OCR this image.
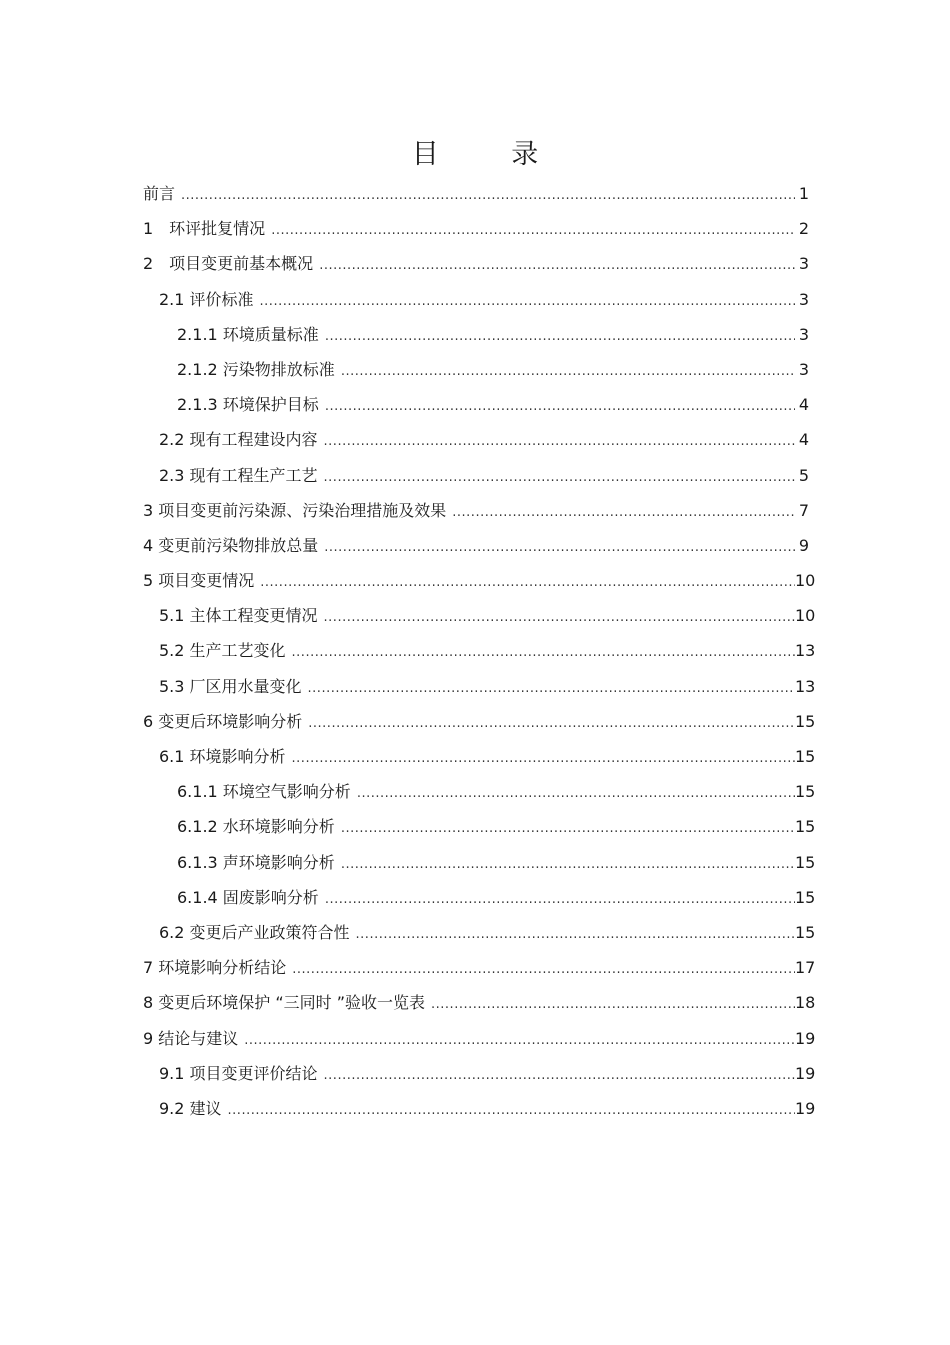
目 录
前言 .....	1
1　环评批复情况 .....	2
2　项目变更前基本概况 .....	3
2.1 评价标准 .....	3
2.1.1 环境质量标准 .....	3
2.1.2 污染物排放标准 .....	3
2.1.3 环境保护目标 .....	4
2.2 现有工程建设内容 .....	4
2.3 现有工程生产工艺 .....	5
3 项目变更前污染源、污染治理措施及效果 .....	7
4 变更前污染物排放总量 .....	9
5 项目变更情况 .....	10
5.1 主体工程变更情况 .....	10
5.2 生产工艺变化 .....	13
5.3 厂区用水量变化 .....	13
6 变更后环境影响分析 .....	15
6.1 环境影响分析 .....	15
6.1.1 环境空气影响分析 .....	15
6.1.2 水环境影响分析 .....	15
6.1.3 声环境影响分析 .....	15
6.1.4 固废影响分析 .....	15
6.2 变更后产业政策符合性 .....	15
7 环境影响分析结论 .....	17
8 变更后环境保护 “三同时 ”验收一览表 .....	18
9 结论与建议 .....	19
9.1 项目变更评价结论 .....	19
9.2 建议 .....	19
